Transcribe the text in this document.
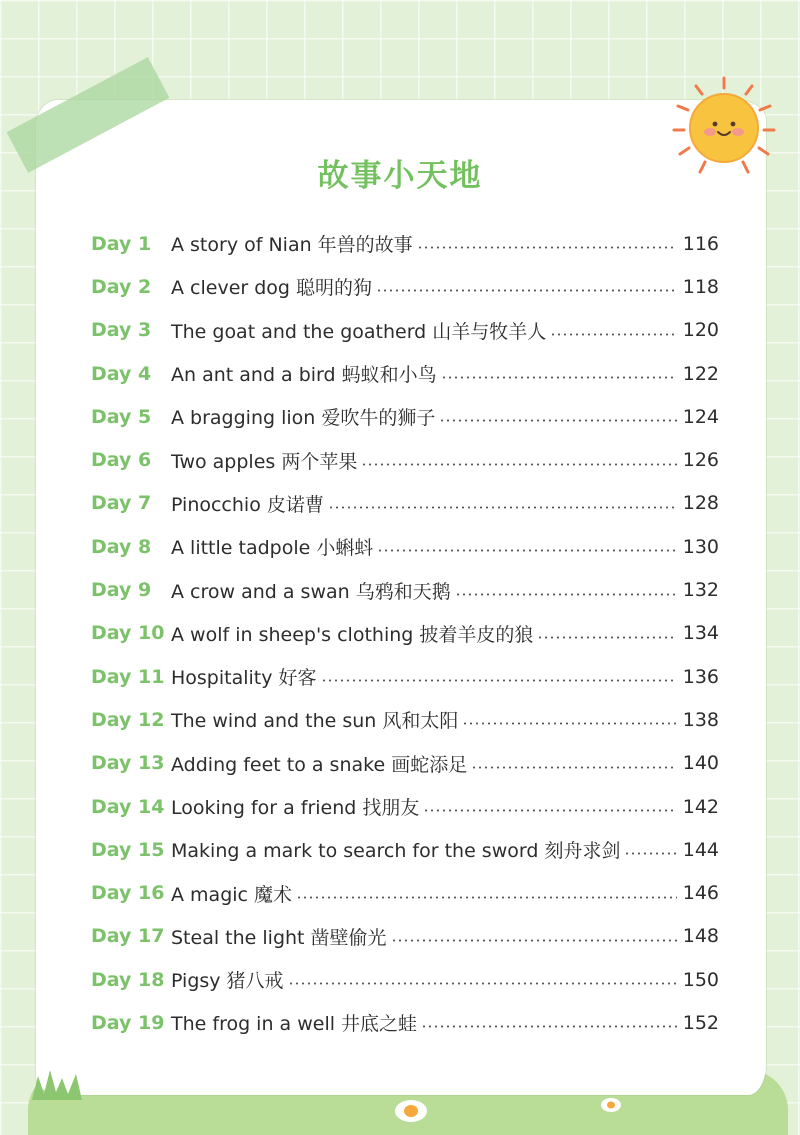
故事小天地
Day 1	A story of Nian 年兽的故事	116
Day 2	A clever dog 聪明的狗	118
Day 3	The goat and the goatherd 山羊与牧羊人	120
Day 4	An ant and a bird 蚂蚁和小鸟	122
Day 5	A bragging lion 爱吹牛的狮子	124
Day 6	Two apples 两个苹果	126
Day 7	Pinocchio 皮诺曹	128
Day 8	A little tadpole 小蝌蚪	130
Day 9	A crow and a swan 乌鸦和天鹅	132
Day 10 A wolf in sheep's clothing 披着羊皮的狼	134
Day 11 Hospitality 好客	136
Day 12 The wind and the sun 风和太阳	138
Day 13 Adding feet to a snake 画蛇添足	140
Day 14 Looking for a friend 找朋友	142
Day 15 Making a mark to search for the sword 刻舟求剑	144
Day 16 A magic 魔术	146
Day 17 Steal the light 凿壁偷光	148
Day 18 Pigsy 猪八戒	150
Day 19 The frog in a well 井底之蛙	152
